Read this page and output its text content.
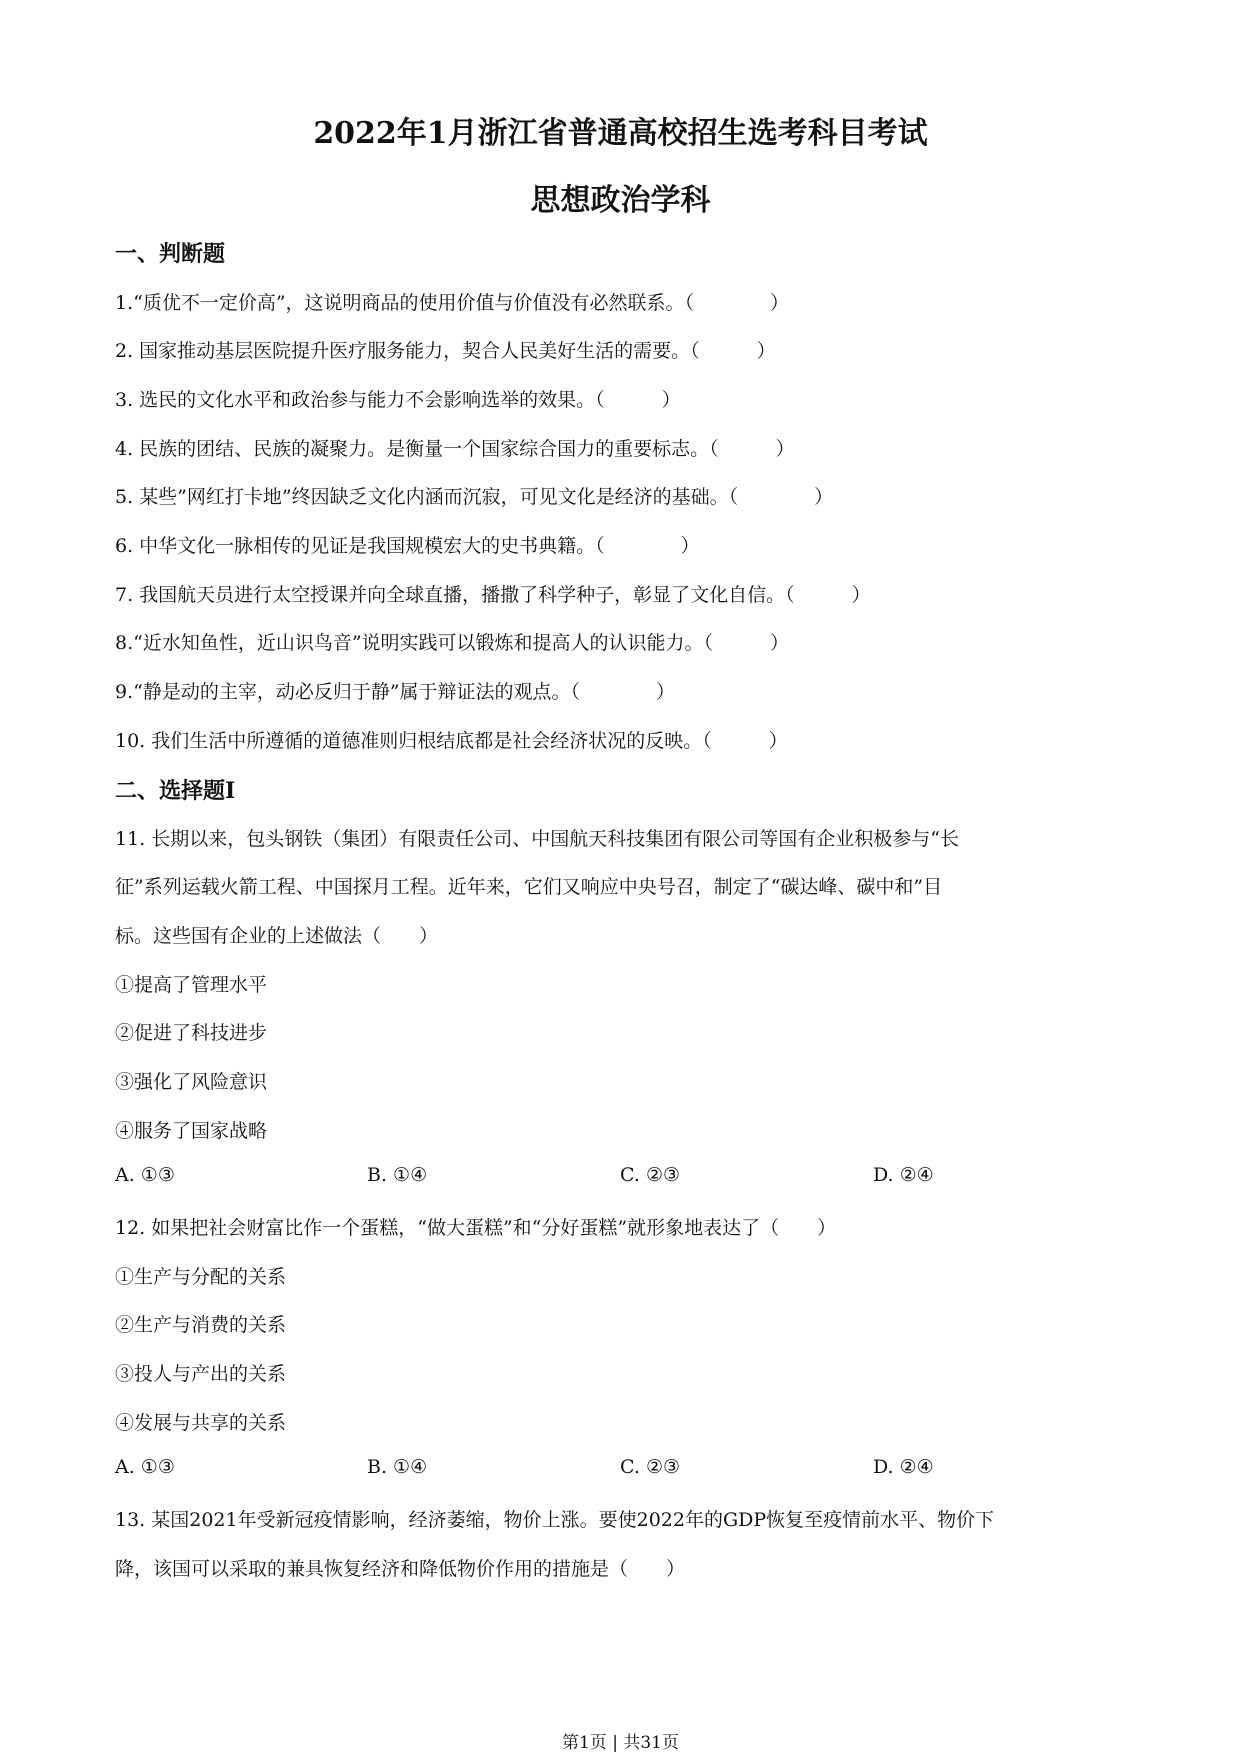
2022年1月浙江省普通高校招生选考科目考试
思想政治学科
一、判断题
1.“质优不一定价高”，这说明商品的使用价值与价值没有必然联系。（　　　　）
2. 国家推动基层医院提升医疗服务能力，契合人民美好生活的需要。（　　　）
3. 选民的文化水平和政治参与能力不会影响选举的效果。（　　　）
4. 民族的团结、民族的凝聚力。是衡量一个国家综合国力的重要标志。（　　　）
5. 某些”网红打卡地”终因缺乏文化内涵而沉寂，可见文化是经济的基础。（　　　　）
6. 中华文化一脉相传的见证是我国规模宏大的史书典籍。（　　　　）
7. 我国航天员进行太空授课并向全球直播，播撒了科学种子，彰显了文化自信。（　　　）
8.“近水知鱼性，近山识鸟音”说明实践可以锻炼和提高人的认识能力。（　　　）
9.“静是动的主宰，动必反归于静”属于辩证法的观点。（　　　　）
10. 我们生活中所遵循的道德准则归根结底都是社会经济状况的反映。（　　　）
二、选择题Ⅰ
11. 长期以来，包头钢铁（集团）有限责任公司、中国航天科技集团有限公司等国有企业积极参与“长
征”系列运载火箭工程、中国探月工程。近年来，它们又响应中央号召，制定了“碳达峰、碳中和”目
标。这些国有企业的上述做法（　　）
①提高了管理水平
②促进了科技进步
③强化了风险意识
④服务了国家战略
A. ①③	B. ①④	C. ②③	D. ②④
12. 如果把社会财富比作一个蛋糕，“做大蛋糕”和“分好蛋糕”就形象地表达了（　　）
①生产与分配的关系
②生产与消费的关系
③投人与产出的关系
④发展与共享的关系
A. ①③	B. ①④	C. ②③	D. ②④
13. 某国2021年受新冠疫情影响，经济萎缩，物价上涨。要使2022年的GDP恢复至疫情前水平、物价下
降，该国可以采取的兼具恢复经济和降低物价作用的措施是（　　）
第1页 | 共31页
